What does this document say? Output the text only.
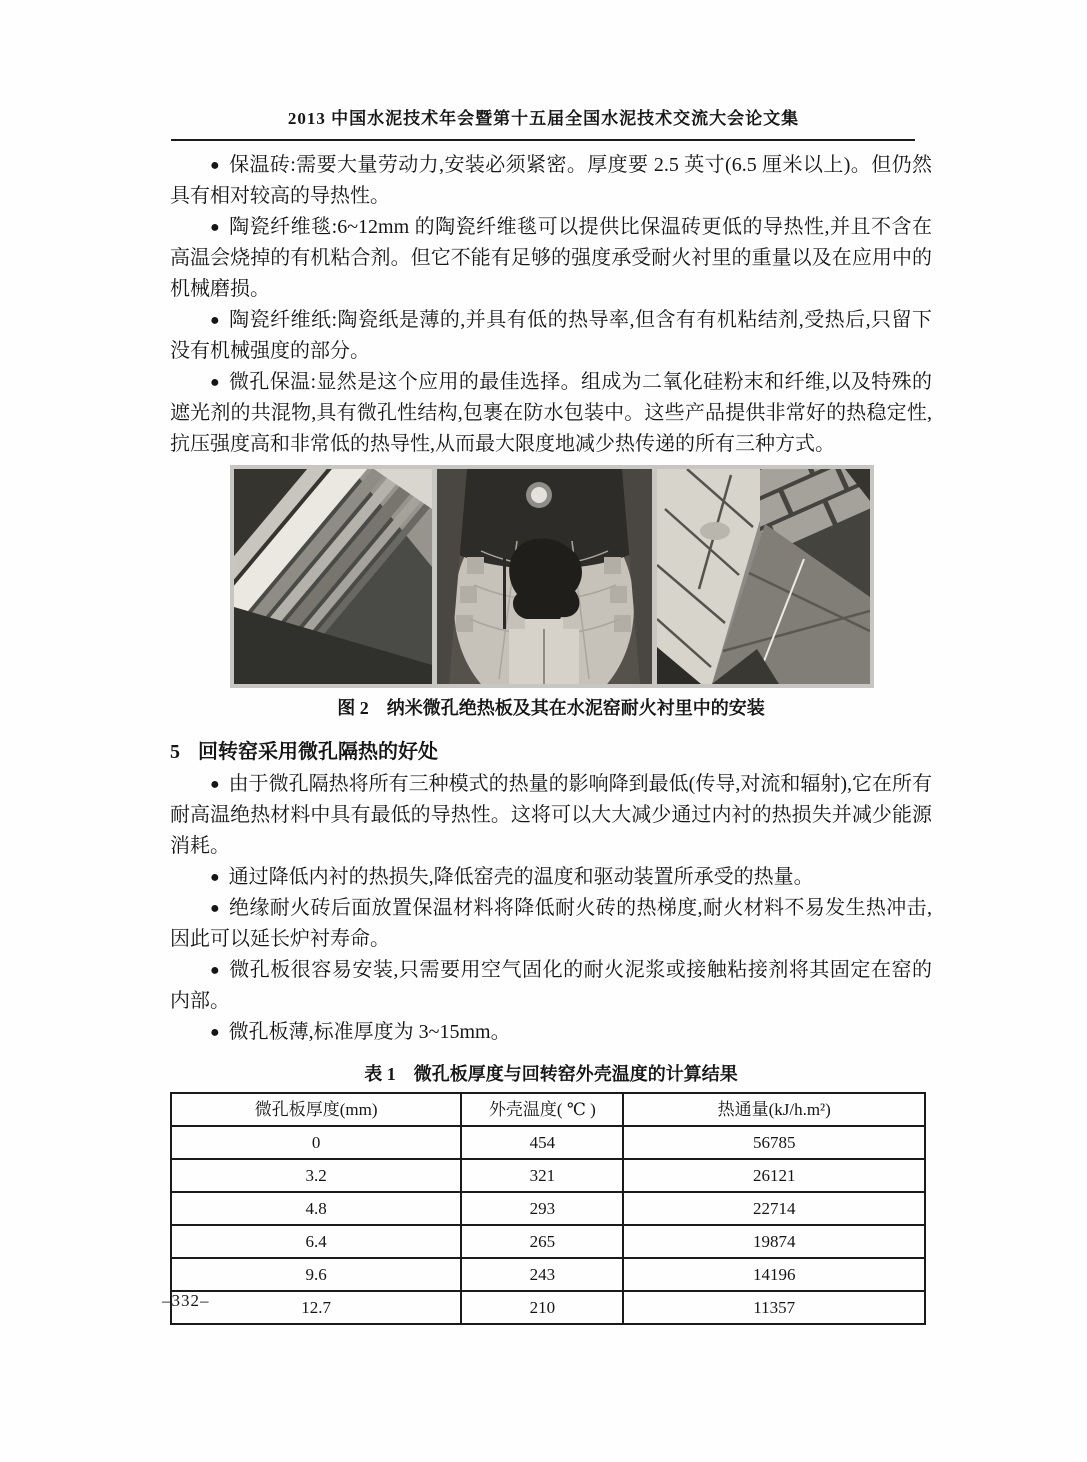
2013 中国水泥技术年会暨第十五届全国水泥技术交流大会论文集

● 保温砖:需要大量劳动力,安装必须紧密。厚度要 2.5 英寸(6.5 厘米以上)。但仍然具有相对较高的导热性。

● 陶瓷纤维毯:6~12mm 的陶瓷纤维毯可以提供比保温砖更低的导热性,并且不含在高温会烧掉的有机粘合剂。但它不能有足够的强度承受耐火衬里的重量以及在应用中的机械磨损。

● 陶瓷纤维纸:陶瓷纸是薄的,并具有低的热导率,但含有有机粘结剂,受热后,只留下没有机械强度的部分。

● 微孔保温:显然是这个应用的最佳选择。组成为二氧化硅粉末和纤维,以及特殊的遮光剂的共混物,具有微孔性结构,包裹在防水包装中。这些产品提供非常好的热稳定性,抗压强度高和非常低的热导性,从而最大限度地减少热传递的所有三种方式。

图 2　纳米微孔绝热板及其在水泥窑耐火衬里中的安装
5 回转窑采用微孔隔热的好处

● 由于微孔隔热将所有三种模式的热量的影响降到最低(传导,对流和辐射),它在所有耐高温绝热材料中具有最低的导热性。这将可以大大减少通过内衬的热损失并减少能源消耗。

● 通过降低内衬的热损失,降低窑壳的温度和驱动装置所承受的热量。

● 绝缘耐火砖后面放置保温材料将降低耐火砖的热梯度,耐火材料不易发生热冲击,因此可以延长炉衬寿命。

● 微孔板很容易安装,只需要用空气固化的耐火泥浆或接触粘接剂将其固定在窑的内部。

● 微孔板薄,标准厚度为 3~15mm。

表 1　微孔板厚度与回转窑外壳温度的计算结果
微孔板厚度(mm)	外壳温度( ℃ )	热通量(kJ/h.m²)
0	454	56785
3.2	321	26121
4.8	293	22714
6.4	265	19874
9.6	243	14196
12.7	210	11357
–332–
